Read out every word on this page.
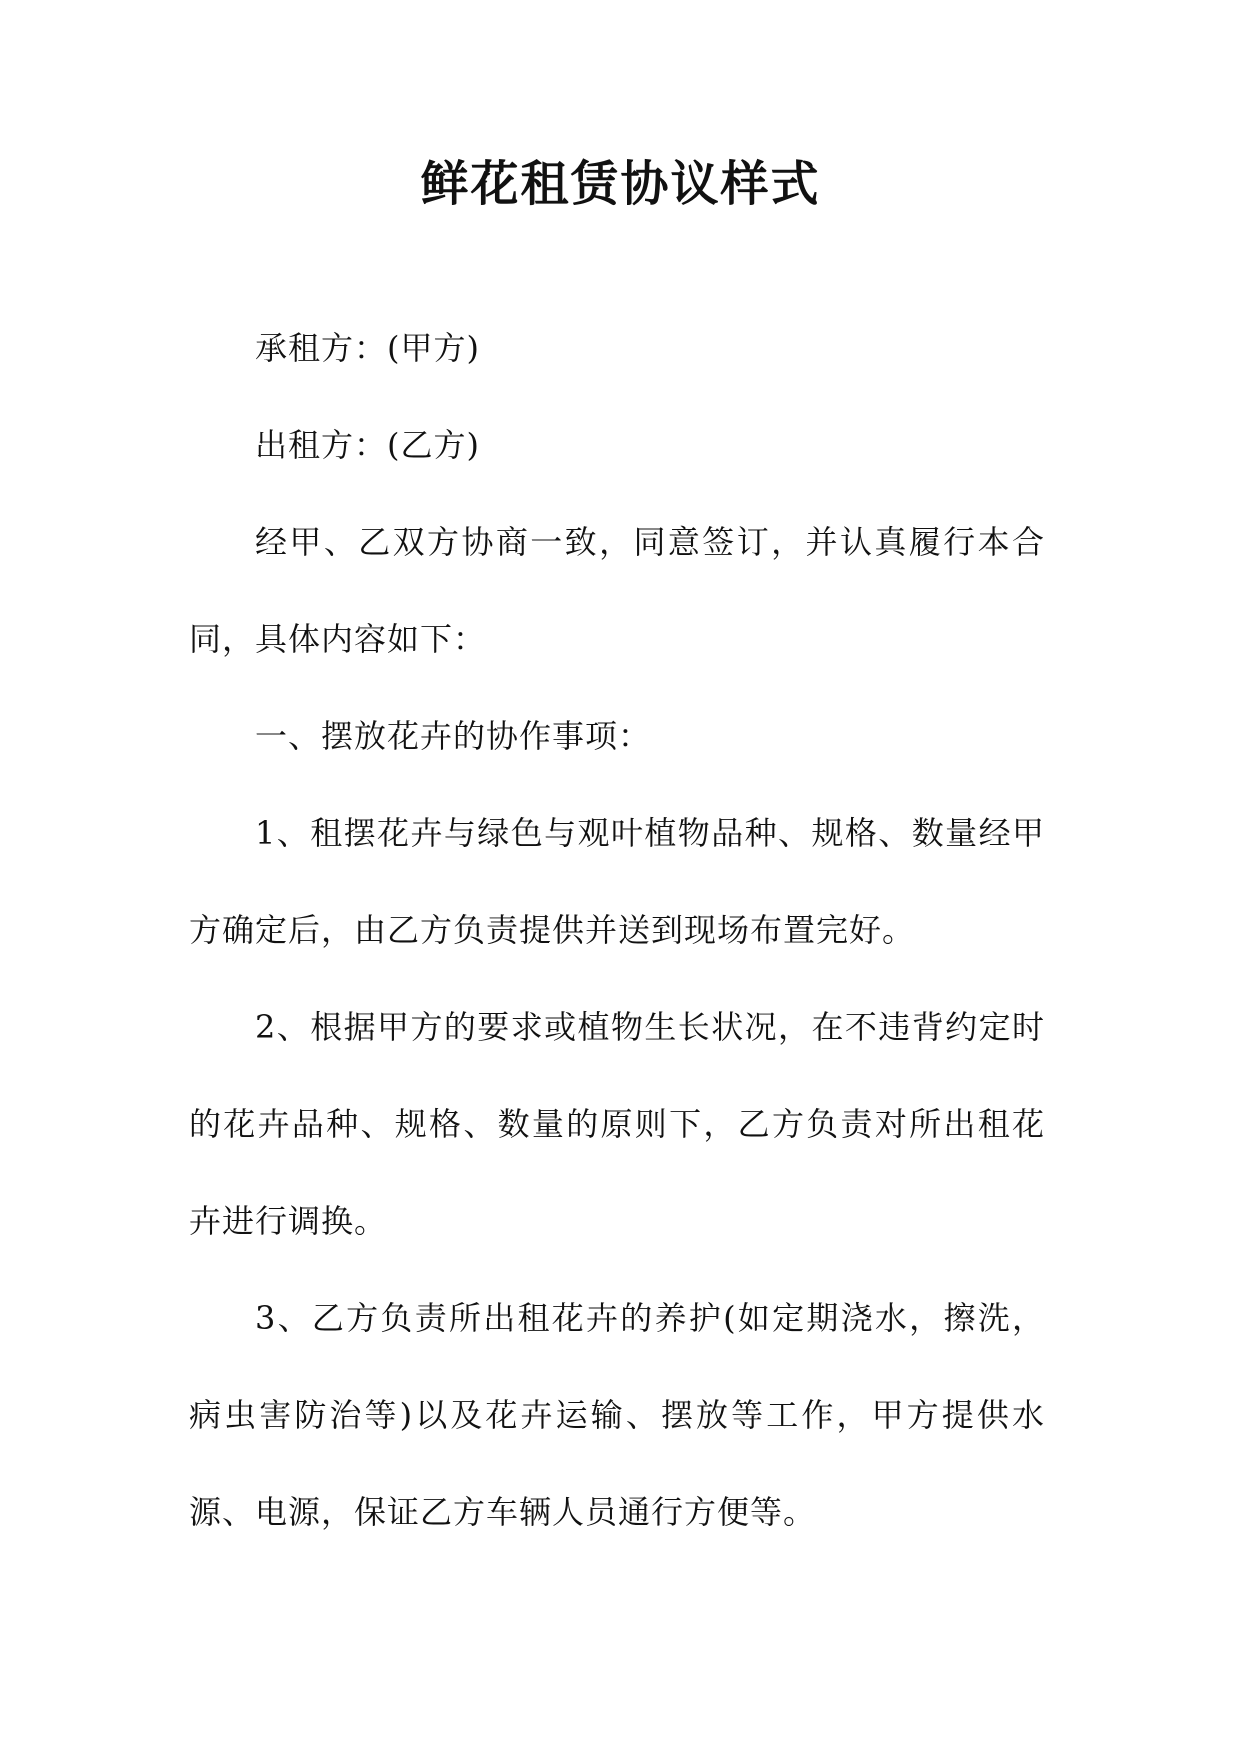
鲜花租赁协议样式

承租方：(甲方)

出租方：(乙方)

经甲、乙双方协商一致，同意签订，并认真履行本合同，具体内容如下：

一、摆放花卉的协作事项：

1、租摆花卉与绿色与观叶植物品种、规格、数量经甲方确定后，由乙方负责提供并送到现场布置完好。

2、根据甲方的要求或植物生长状况，在不违背约定时的花卉品种、规格、数量的原则下，乙方负责对所出租花卉进行调换。

3、乙方负责所出租花卉的养护(如定期浇水，擦洗，病虫害防治等)以及花卉运输、摆放等工作，甲方提供水源、电源，保证乙方车辆人员通行方便等。
